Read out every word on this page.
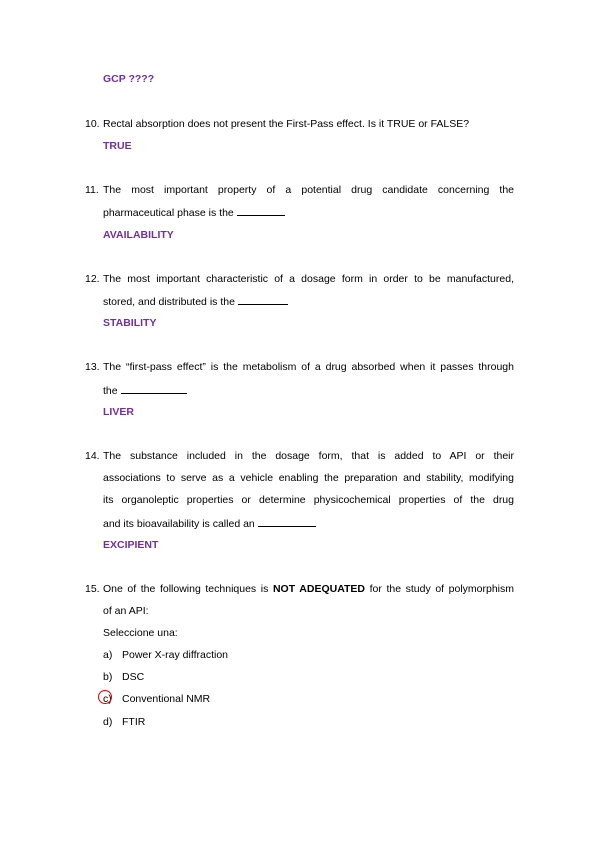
GCP ????
10. Rectal absorption does not present the First-Pass effect. Is it TRUE or FALSE?
TRUE
11. The most important property of a potential drug candidate concerning the
pharmaceutical phase is the
AVAILABILITY
12. The most important characteristic of a dosage form in order to be manufactured,
stored, and distributed is the
STABILITY
13. The “first-pass effect” is the metabolism of a drug absorbed when it passes through
the
LIVER
14. The substance included in the dosage form, that is added to API or their
associations to serve as a vehicle enabling the preparation and stability, modifying
its organoleptic properties or determine physicochemical properties of the drug
and its bioavailability is called an
EXCIPIENT
15. One of the following techniques is NOT ADEQUATED for the study of polymorphism
of an API:
Seleccione una:
a) Power X-ray diffraction
b) DSC
c) Conventional NMR
d) FTIR
